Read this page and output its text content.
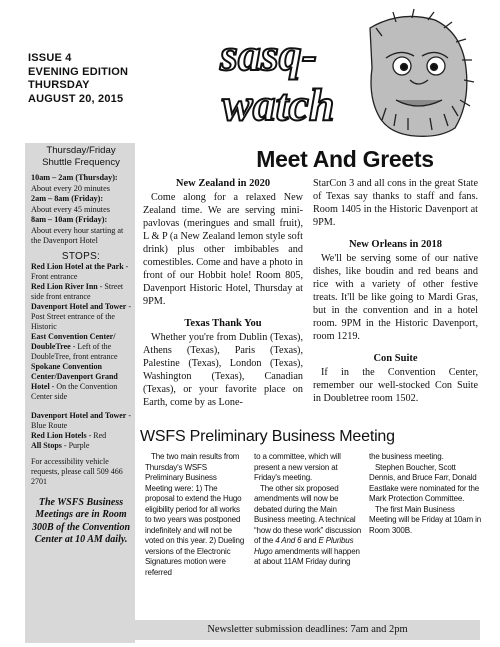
ISSUE 4
EVENING EDITION
THURSDAY
AUGUST 20, 2015
sasq-
watch
Meet And Greets
Thursday/Friday
Shuttle Frequency

10am – 2am (Thursday):
About every 20 minutes

2am – 8am (Friday):
About every 45 minutes

8am – 10am (Friday):
About every hour starting at the Davenport Hotel

STOPS:

Red Lion Hotel at the Park - Front entrance

Red Lion River Inn - Street side front entrance

Davenport Hotel and Tower - Post Street entrance of the Historic

East Convention Center/ DoubleTree - Left of the DoubleTree, front entrance

Spokane Convention Center/Davenport Grand Hotel - On the Convention Center side

Davenport Hotel and Tower - Blue Route

Red Lion Hotels - Red

All Stops - Purple

For accessibility vehicle requests, please call 509 466 2701
The WSFS Business Meetings are in Room 300B of the Convention Center at 10 AM daily.
New Zealand in 2020

Come along for a relaxed New Zealand time. We are serving mini-pavlovas (meringues and small fruit), L & P (a New Zealand lemon style soft drink) plus other imbibables and comestibles. Come and have a photo in front of our Hobbit hole! Room 805, Davenport Historic Hotel, Thursday at 9PM.

Texas Thank You

Whether you're from Dublin (Texas), Athens (Texas), Paris (Texas), Palestine (Texas), London (Texas), Washington (Texas), Canadian (Texas), or your favorite place on Earth, come by as Lone-

StarCon 3 and all cons in the great State of Texas say thanks to staff and fans. Room 1405 in the Historic Davenport at 9PM.

New Orleans in 2018

We'll be serving some of our native dishes, like boudin and red beans and rice with a variety of other festive treats. It'll be like going to Mardi Gras, but in the convention and in a hotel room. 9PM in the Historic Davenport, room 1219.

Con Suite

If in the Convention Center, remember our well-stocked Con Suite in Doubletree room 1502.

WSFS Preliminary Business Meeting

The two main results from Thursday's WSFS Preliminary Business Meeting were: 1) The proposal to extend the Hugo eligibility period for all works to two years was postponed indefinitely and will not be voted on this year. 2) Dueling versions of the Electronic Signatures motion were referred

to a committee, which will present a new version at Friday's meeting.

The other six proposed amendments will now be debated during the Main Business meeting. A technical “how do these work” discussion of the 4 And 6 and E Pluribus Hugo amendments will happen at about 11AM Friday during

the business meeting.

Stephen Boucher, Scott Dennis, and Bruce Farr, Donald Eastlake were nominated for the Mark Protection Committee.

The first Main Business Meeting will be Friday at 10am in Room 300B.

Newsletter submission deadlines: 7am and 2pm
